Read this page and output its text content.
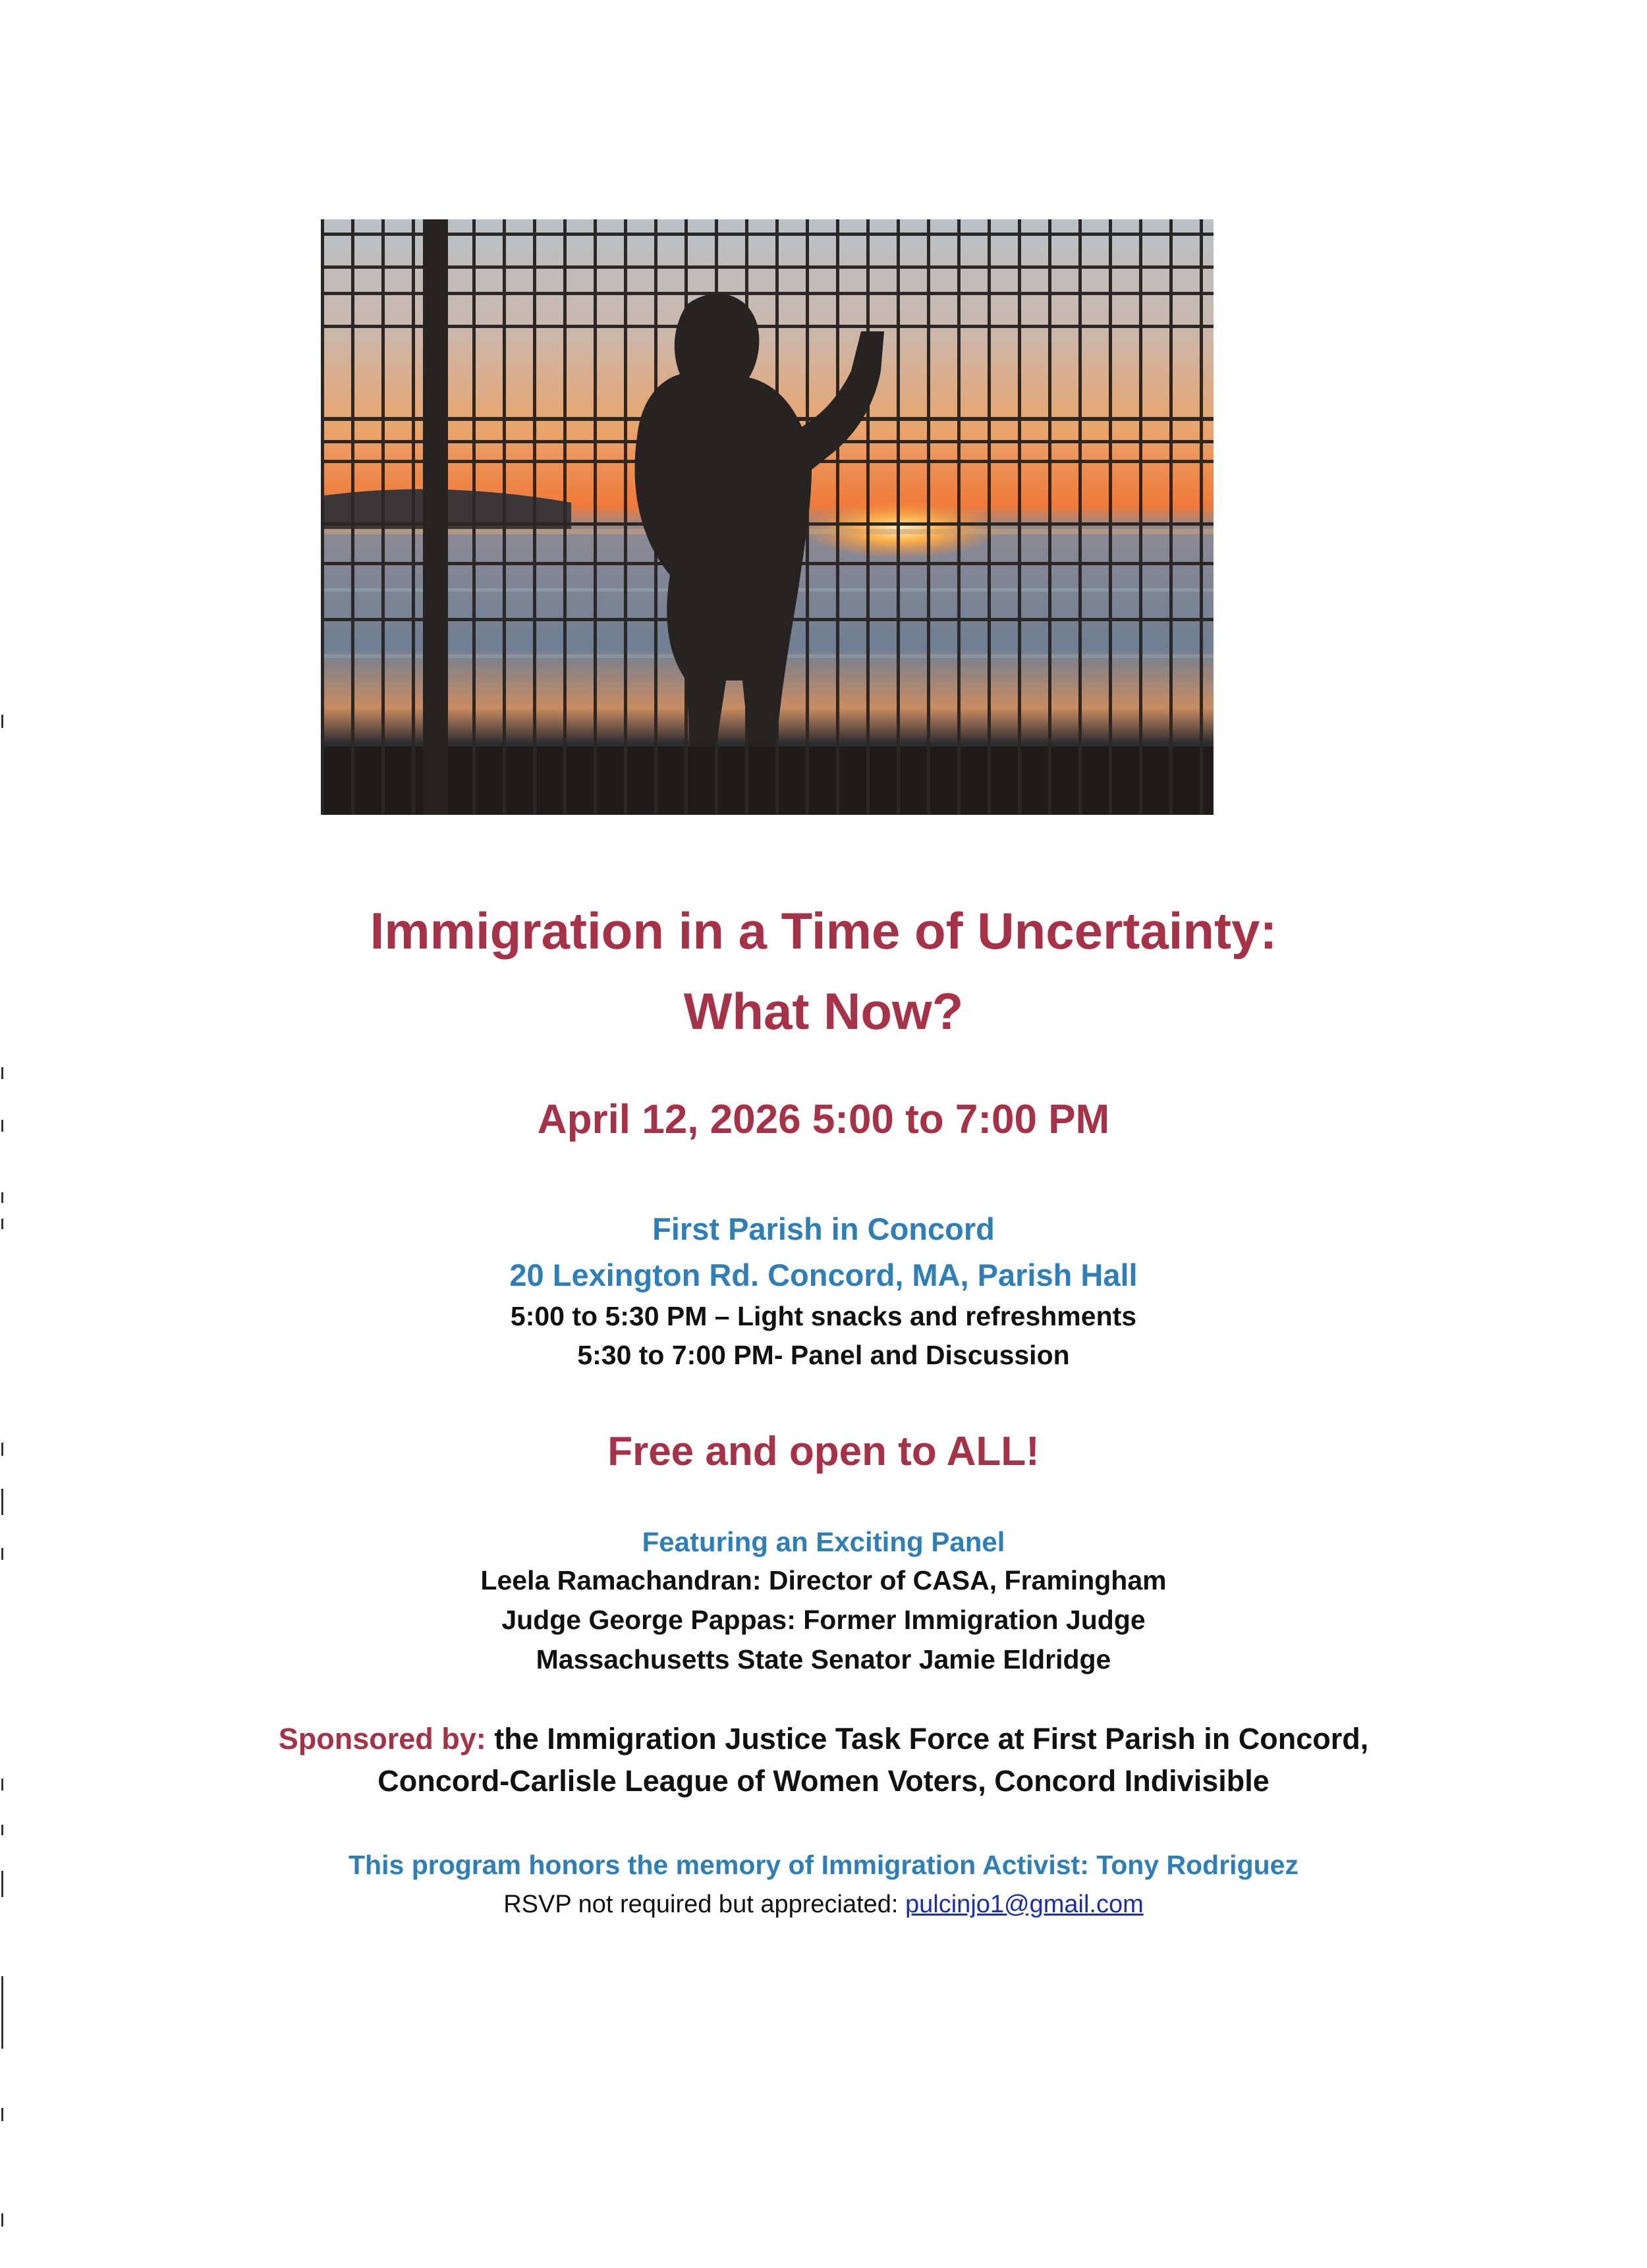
Immigration in a Time of Uncertainty:
What Now?
April 12, 2026 5:00 to 7:00 PM
First Parish in Concord
20 Lexington Rd. Concord, MA, Parish Hall
5:00 to 5:30 PM – Light snacks and refreshments
5:30 to 7:00 PM- Panel and Discussion
Free and open to ALL!
Featuring an Exciting Panel
Leela Ramachandran: Director of CASA, Framingham
Judge George Pappas: Former Immigration Judge
Massachusetts State Senator Jamie Eldridge
Sponsored by: the Immigration Justice Task Force at First Parish in Concord,
Concord-Carlisle League of Women Voters, Concord Indivisible
This program honors the memory of Immigration Activist: Tony Rodriguez
RSVP not required but appreciated: pulcinjo1@gmail.com
